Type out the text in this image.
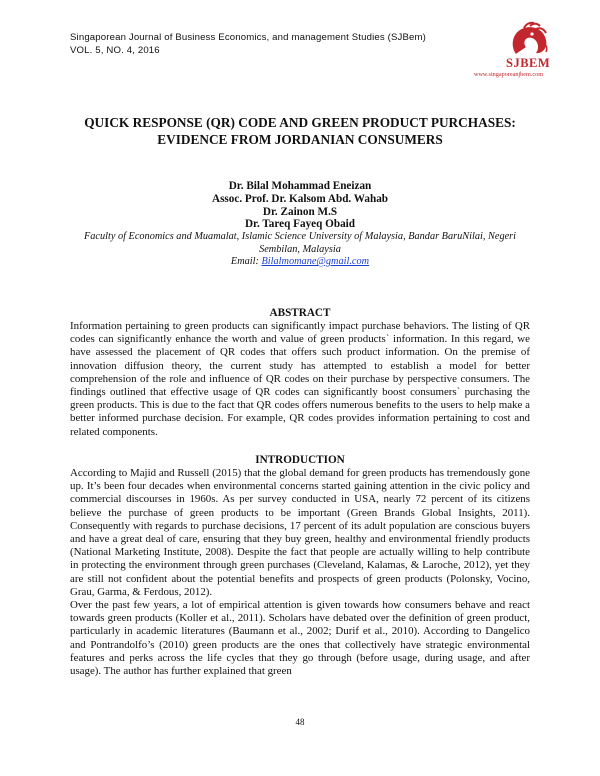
Singaporean Journal of Business Economics, and management Studies (SJBem)
VOL. 5, NO. 4, 2016
SJBEM
www.singaporeanjbem.com
QUICK RESPONSE (QR) CODE AND GREEN PRODUCT PURCHASES:
EVIDENCE FROM JORDANIAN CONSUMERS
Dr. Bilal Mohammad Eneizan
Assoc. Prof. Dr. Kalsom Abd. Wahab
Dr. Zainon M.S
Dr. Tareq Fayeq Obaid
Faculty of Economics and Muamalat, Islamic Science University of Malaysia, Bandar BaruNilai, Negeri Sembilan, Malaysia
Email: Bilalmomane@gmail.com
ABSTRACT
Information pertaining to green products can significantly impact purchase behaviors. The listing of QR codes can significantly enhance the worth and value of green products` information. In this regard, we have assessed the placement of QR codes that offers such product information. On the premise of innovation diffusion theory, the current study has attempted to establish a model for better comprehension of the role and influence of QR codes on their purchase by perspective consumers. The findings outlined that effective usage of QR codes can significantly boost consumers` purchasing the green products. This is due to the fact that QR codes offers numerous benefits to the users to help make a better informed purchase decision. For example, QR codes provides information pertaining to cost and related components.
INTRODUCTION

According to Majid and Russell (2015) that the global demand for green products has tremendously gone up. It’s been four decades when environmental concerns started gaining attention in the civic policy and commercial discourses in 1960s. As per survey conducted in USA, nearly 72 percent of its citizens believe the purchase of green products to be important (Green Brands Global Insights, 2011). Consequently with regards to purchase decisions, 17 percent of its adult population are conscious buyers and have a great deal of care, ensuring that they buy green, healthy and environmental friendly products (National Marketing Institute, 2008). Despite the fact that people are actually willing to help contribute in protecting the environment through green purchases (Cleveland, Kalamas, & Laroche, 2012), yet they are still not confident about the potential benefits and prospects of green products (Polonsky, Vocino, Grau, Garma, & Ferdous, 2012).

Over the past few years, a lot of empirical attention is given towards how consumers behave and react towards green products (Koller et al., 2011). Scholars have debated over the definition of green product, particularly in academic literatures (Baumann et al., 2002; Durif et al., 2010). According to Dangelico and Pontrandolfo’s (2010) green products are the ones that collectively have strategic environmental features and perks across the life cycles that they go through (before usage, during usage, and after usage). The author has further explained that green

48
